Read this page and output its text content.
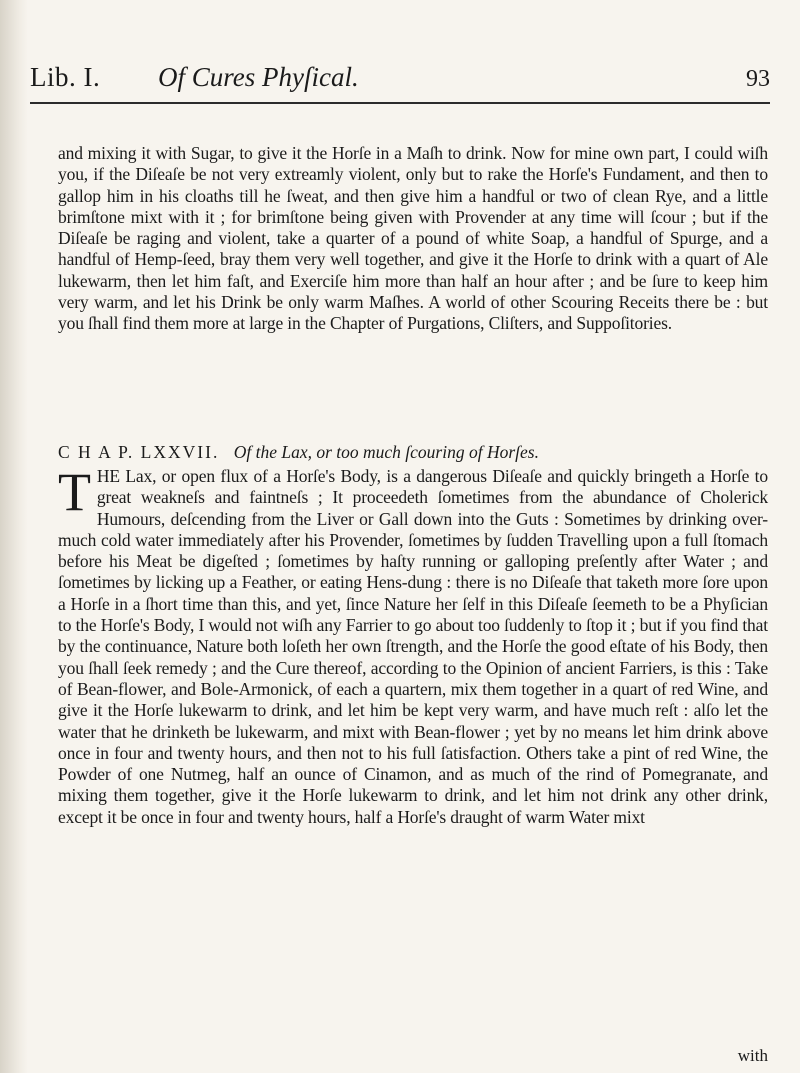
Lib. I. Of Cures Phyſical.	93

and mixing it with Sugar, to give it the Horſe in a Maſh to drink. Now for mine own part, I could wiſh you, if the Diſeaſe be not very extreamly violent, only but to rake the Horſe's Fundament, and then to gallop him in his cloaths till he ſweat, and then give him a handful or two of clean Rye, and a little brimſtone mixt with it ; for brimſtone being given with Provender at any time will ſcour ; but if the Diſeaſe be raging and violent, take a quarter of a pound of white Soap, a handful of Spurge, and a handful of Hemp-ſeed, bray them very well together, and give it the Horſe to drink with a quart of Ale lukewarm, then let him faſt, and Exerciſe him more than half an hour after ; and be ſure to keep him very warm, and let his Drink be only warm Maſhes. A world of other Scouring Receits there be : but you ſhall find them more at large in the Chapter of Purgations, Cliſters, and Suppoſitories.

C H A P. LXXVII. Of the Lax, or too much ſcouring of Horſes.
T HE Lax, or open flux of a Horſe's Body, is a dangerous Diſeaſe and quickly bringeth a Horſe to great weakneſs and faintneſs ; It proceedeth ſometimes from the abundance of Cholerick Humours, deſcending from the Liver or Gall down into the Guts : Sometimes by drinking over-much cold water immediately after his Provender, ſometimes by ſudden Travelling upon a full ſtomach before his Meat be digeſted ; ſometimes by haſty running or galloping preſently after Water ; and ſometimes by licking up a Feather, or eating Hens-dung : there is no Diſeaſe that taketh more ſore upon a Horſe in a ſhort time than this, and yet, ſince Nature her ſelf in this Diſeaſe ſeemeth to be a Phyſician to the Horſe's Body, I would not wiſh any Farrier to go about too ſuddenly to ſtop it ; but if you find that by the continuance, Nature both loſeth her own ſtrength, and the Horſe the good eſtate of his Body, then you ſhall ſeek remedy ; and the Cure thereof, according to the Opinion of ancient Farriers, is this : Take of Bean-flower, and Bole-Armonick, of each a quartern, mix them together in a quart of red Wine, and give it the Horſe lukewarm to drink, and let him be kept very warm, and have much reſt : alſo let the water that he drinketh be lukewarm, and mixt with Bean-flower ; yet by no means let him drink above once in four and twenty hours, and then not to his full ſatisfaction. Others take a pint of red Wine, the Powder of one Nutmeg, half an ounce of Cinamon, and as much of the rind of Pomegranate, and mixing them together, give it the Horſe lukewarm to drink, and let him not drink any other drink, except it be once in four and twenty hours, half a Horſe's draught of warm Water mixt

with
